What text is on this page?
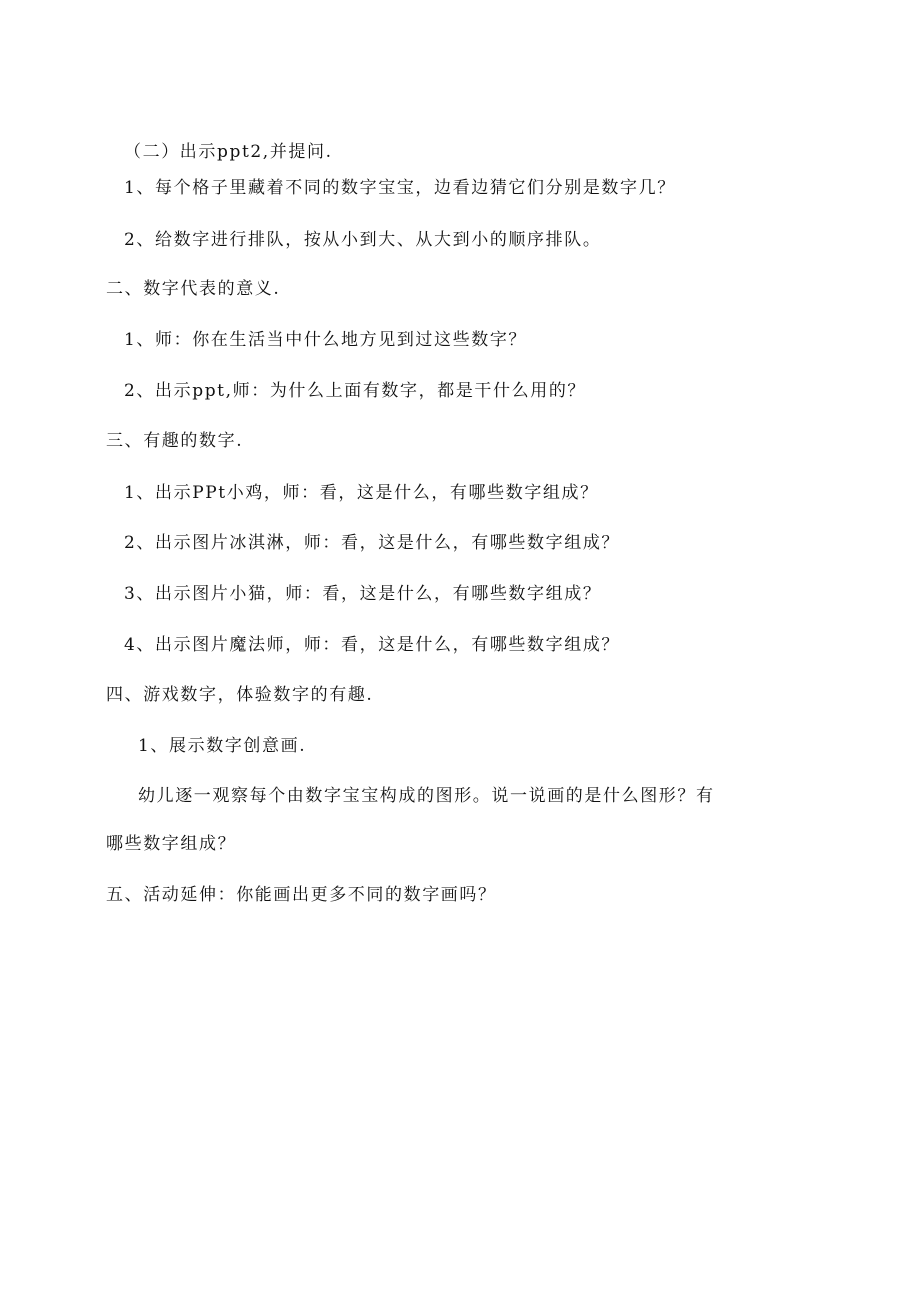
（二）出示ppt2,并提问.
1、每个格子里藏着不同的数字宝宝，边看边猜它们分别是数字几？
2、给数字进行排队，按从小到大、从大到小的顺序排队。
二、数字代表的意义.
1、师：你在生活当中什么地方见到过这些数字？
2、出示ppt,师：为什么上面有数字，都是干什么用的？
三、有趣的数字.
1、出示PPt小鸡，师：看，这是什么，有哪些数字组成？
2、出示图片冰淇淋，师：看，这是什么，有哪些数字组成？
3、出示图片小猫，师：看，这是什么，有哪些数字组成？
4、出示图片魔法师，师：看，这是什么，有哪些数字组成？
四、游戏数字，体验数字的有趣.
1、展示数字创意画.
幼儿逐一观察每个由数字宝宝构成的图形。说一说画的是什么图形？有
哪些数字组成？
五、活动延伸：你能画出更多不同的数字画吗？
